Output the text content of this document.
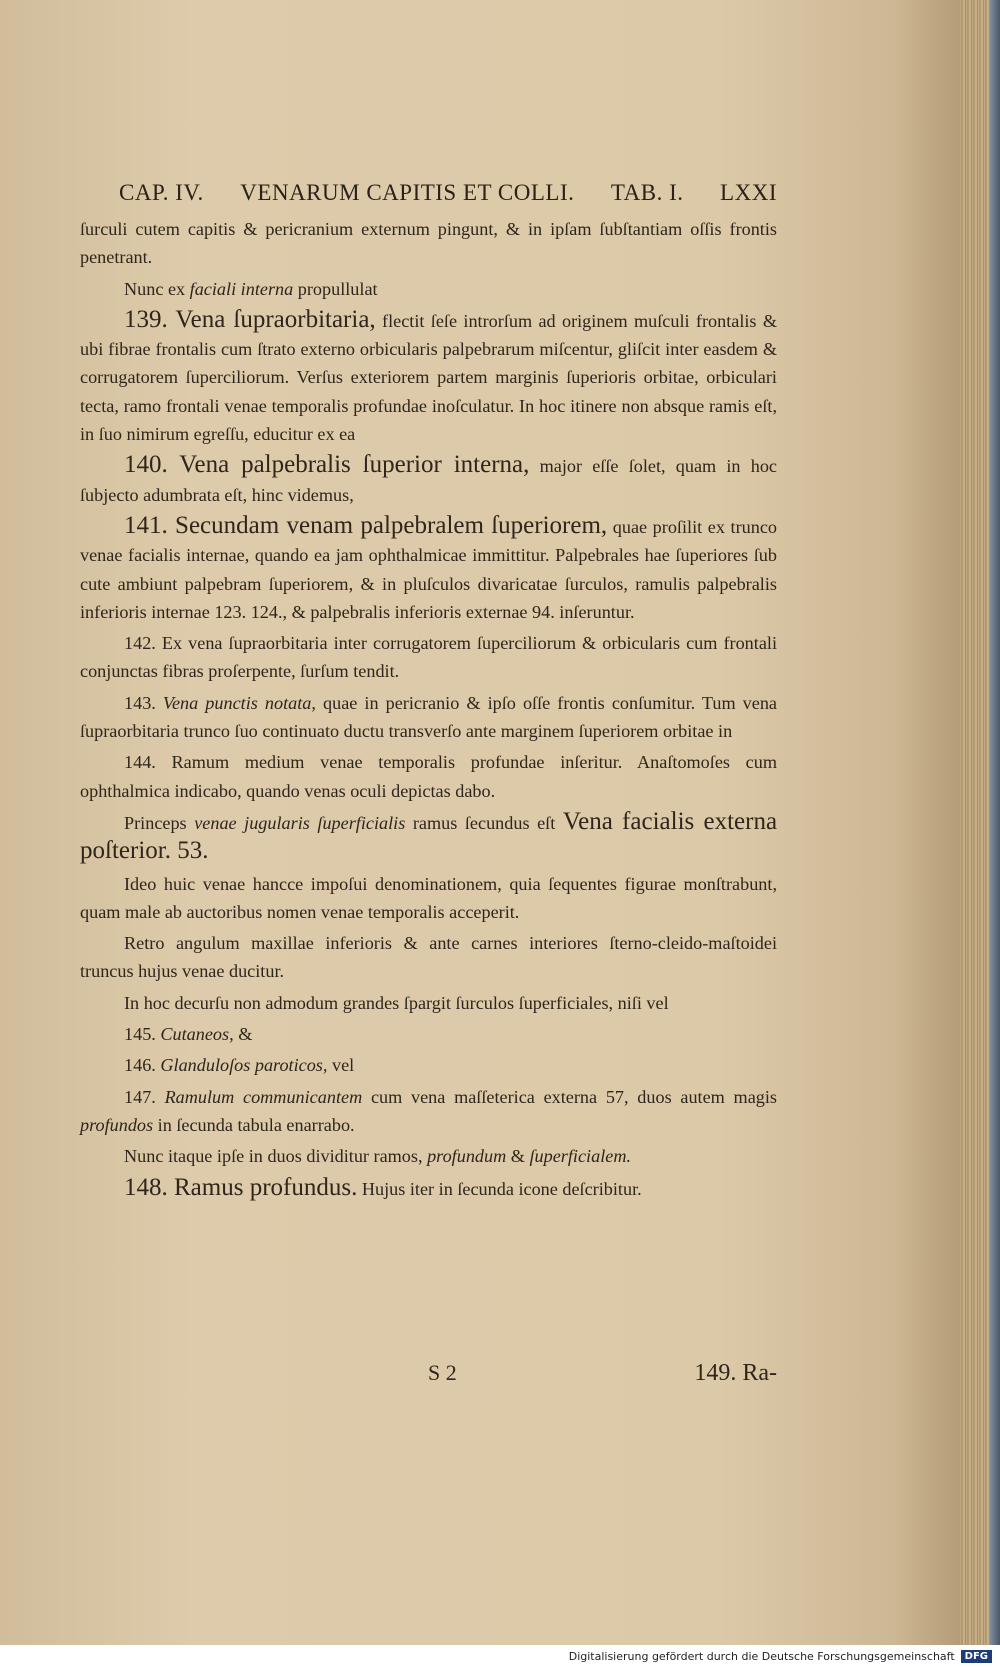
CAP. IV. VENARUM CAPITIS ET COLLI. TAB. I. LXXI

ſurculi cutem capitis & pericranium externum pingunt, & in ipſam ſubſtantiam oſſis frontis penetrant.

Nunc ex faciali interna propullulat

139. Vena ſupraorbitaria, flectit ſeſe introrſum ad originem muſculi frontalis & ubi fibrae frontalis cum ſtrato externo orbicularis palpebrarum miſcentur, gliſcit inter easdem & corrugatorem ſuperciliorum. Verſus exteriorem partem marginis ſuperioris orbitae, orbiculari tecta, ramo frontali venae temporalis profundae inoſculatur. In hoc itinere non absque ramis eſt, in ſuo nimirum egreſſu, educitur ex ea

140. Vena palpebralis ſuperior interna, major eſſe ſolet, quam in hoc ſubjecto adumbrata eſt, hinc videmus,

141. Secundam venam palpebralem ſuperiorem, quae proſilit ex trunco venae facialis internae, quando ea jam ophthalmicae immittitur. Palpebrales hae ſuperiores ſub cute ambiunt palpebram ſuperiorem, & in pluſculos divaricatae ſurculos, ramulis palpebralis inferioris internae 123. 124., & palpebralis inferioris externae 94. inſeruntur.

142. Ex vena ſupraorbitaria inter corrugatorem ſuperciliorum & orbicularis cum frontali conjunctas fibras proſerpente, ſurſum tendit.

143. Vena punctis notata, quae in pericranio & ipſo oſſe frontis conſumitur. Tum vena ſupraorbitaria trunco ſuo continuato ductu transverſo ante marginem ſuperiorem orbitae in

144. Ramum medium venae temporalis profundae inſeritur. Anaſtomoſes cum ophthalmica indicabo, quando venas oculi depictas dabo.

Princeps venae jugularis ſuperficialis ramus ſecundus eſt Vena facialis externa poſterior. 53.

Ideo huic venae hancce impoſui denominationem, quia ſequentes figurae monſtrabunt, quam male ab auctoribus nomen venae temporalis acceperit.

Retro angulum maxillae inferioris & ante carnes interiores ſterno-cleido-maſtoidei truncus hujus venae ducitur.

In hoc decurſu non admodum grandes ſpargit ſurculos ſuperficiales, niſi vel

145. Cutaneos, &

146. Glanduloſos paroticos, vel

147. Ramulum communicantem cum vena maſſeterica externa 57, duos autem magis profundos in ſecunda tabula enarrabo.

Nunc itaque ipſe in duos dividitur ramos, profundum & ſuperficialem.

148. Ramus profundus. Hujus iter in ſecunda icone deſcribitur.

S 2	149. Ra-
Digitalisierung gefördert durch die Deutsche Forschungsgemeinschaft	DFG
